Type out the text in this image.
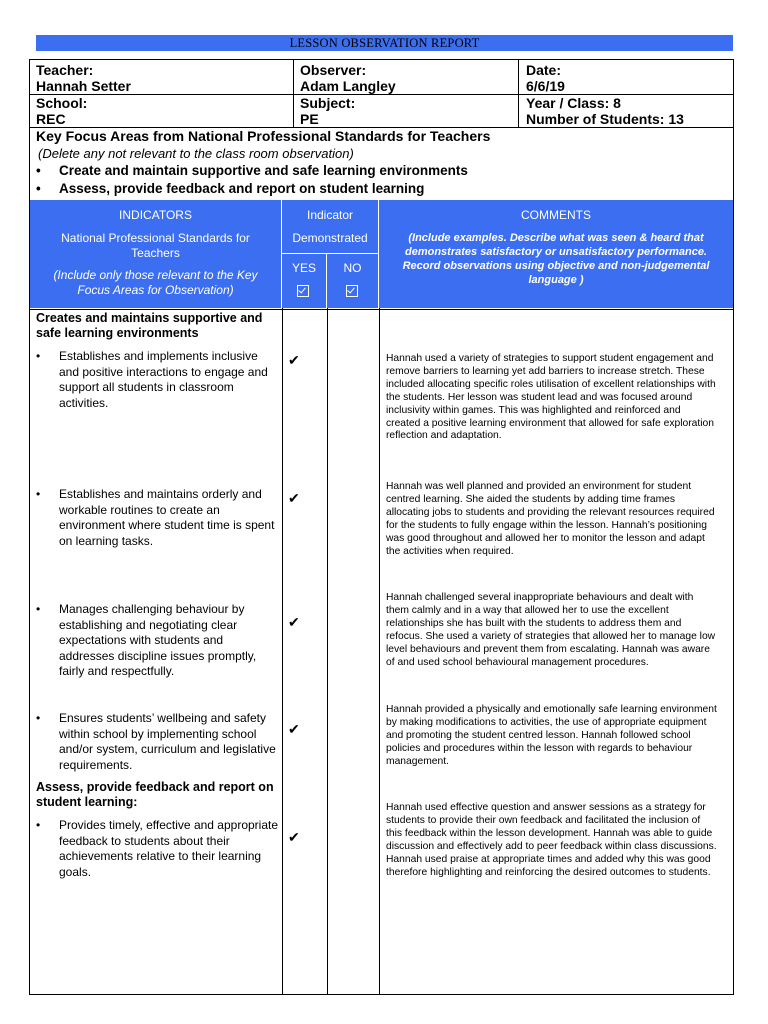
LESSON OBSERVATION REPORT
Teacher:
Hannah Setter
Observer:
Adam Langley
Date:
6/6/19
School:
REC
Subject:
PE
Year / Class: 8
Number of Students: 13
Key Focus Areas from National Professional Standards for Teachers
(Delete any not relevant to the class room observation)
• Create and maintain supportive and safe learning environments
• Assess, provide feedback and report on student learning
INDICATORS
National Professional Standards for
Teachers
(Include only those relevant to the Key
Focus Areas for Observation)
Indicator
Demonstrated
YES	NO
COMMENTS
(Include examples. Describe what was seen & heard that
demonstrates satisfactory or unsatisfactory performance.
Record observations using objective and non-judgemental
language )
Creates and maintains supportive and
safe learning environments
• Establishes and implements inclusive
and positive interactions to engage and
support all students in classroom
activities.
✔	Hannah used a variety of strategies to support student engagement and
remove barriers to learning yet add barriers to increase stretch. These
included allocating specific roles utilisation of excellent relationships with
the students. Her lesson was student lead and was focused around
inclusivity within games. This was highlighted and reinforced and
created a positive learning environment that allowed for safe exploration
reflection and adaptation.
• Establishes and maintains orderly and
workable routines to create an
environment where student time is spent
on learning tasks.
✔
Hannah was well planned and provided an environment for student
centred learning. She aided the students by adding time frames
allocating jobs to students and providing the relevant resources required
for the students to fully engage within the lesson. Hannah’s positioning
was good throughout and allowed her to monitor the lesson and adapt
the activities when required.
• Manages challenging behaviour by
establishing and negotiating clear
expectations with students and
addresses discipline issues promptly,
fairly and respectfully.
✔
Hannah challenged several inappropriate behaviours and dealt with
them calmly and in a way that allowed her to use the excellent
relationships she has built with the students to address them and
refocus. She used a variety of strategies that allowed her to manage low
level behaviours and prevent them from escalating. Hannah was aware
of and used school behavioural management procedures.
• Ensures students’ wellbeing and safety
within school by implementing school
and/or system, curriculum and legislative
requirements.
✔
Hannah provided a physically and emotionally safe learning environment
by making modifications to activities, the use of appropriate equipment
and promoting the student centred lesson. Hannah followed school
policies and procedures within the lesson with regards to behaviour
management.
Assess, provide feedback and report on
student learning:
• Provides timely, effective and appropriate
feedback to students about their
achievements relative to their learning
goals.
✔
Hannah used effective question and answer sessions as a strategy for
students to provide their own feedback and facilitated the inclusion of
this feedback within the lesson development. Hannah was able to guide
discussion and effectively add to peer feedback within class discussions.
Hannah used praise at appropriate times and added why this was good
therefore highlighting and reinforcing the desired outcomes to students.
